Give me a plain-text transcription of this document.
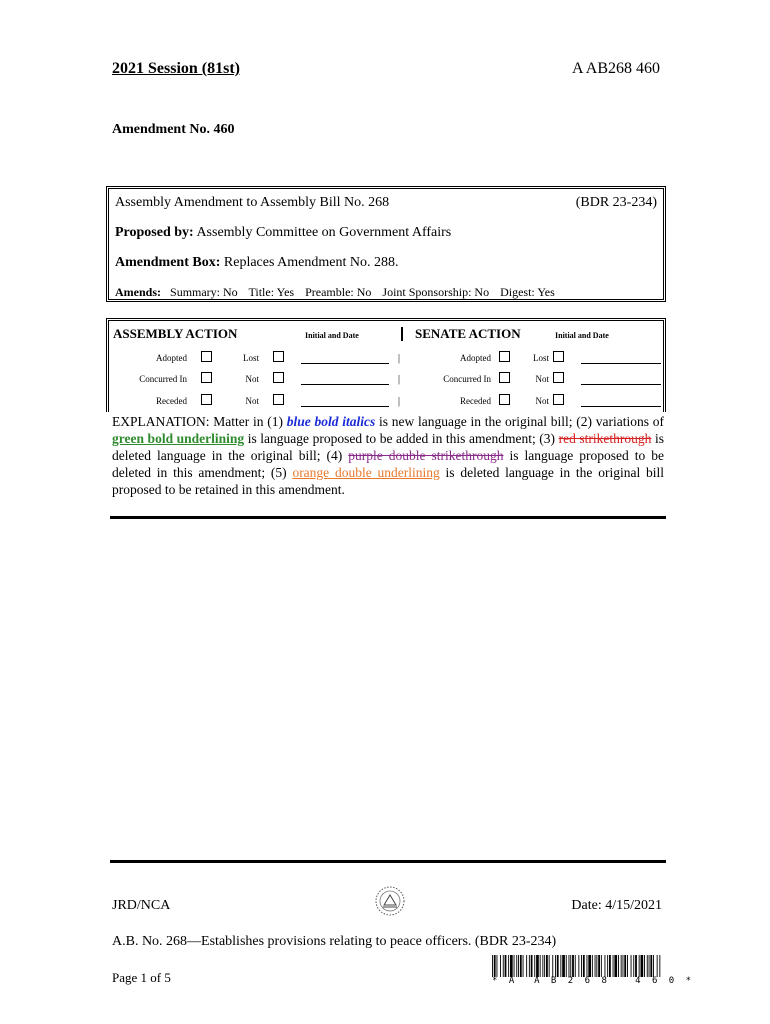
2021 Session (81st)	A AB268 460
Amendment No. 460
Assembly Amendment to Assembly Bill No. 268	(BDR 23-234)
Proposed by: Assembly Committee on Government Affairs
Amendment Box: Replaces Amendment No. 288.
Amends: Summary: No Title: Yes Preamble: No Joint Sponsorship: No Digest: Yes
ASSEMBLY ACTION	Initial and Date	SENATE ACTION	Initial and Date
Adopted	Lost	|
Concurred In	Not	|
Receded	Not	|
Adopted	Lost
Concurred In	Not
Receded	Not
EXPLANATION: Matter in (1) blue bold italics is new language in the original bill; (2) variations of green bold underlining is language proposed to be added in this amendment; (3) red strikethrough is deleted language in the original bill; (4) purple double strikethrough is language proposed to be deleted in this amendment; (5) orange double underlining is deleted language in the original bill proposed to be retained in this amendment.
JRD/NCA	Date: 4/15/2021
A.B. No. 268—Establishes provisions relating to peace officers. (BDR 23-234)
Page 1 of 5	* A  A B 2 6 8   4 6 0 *
